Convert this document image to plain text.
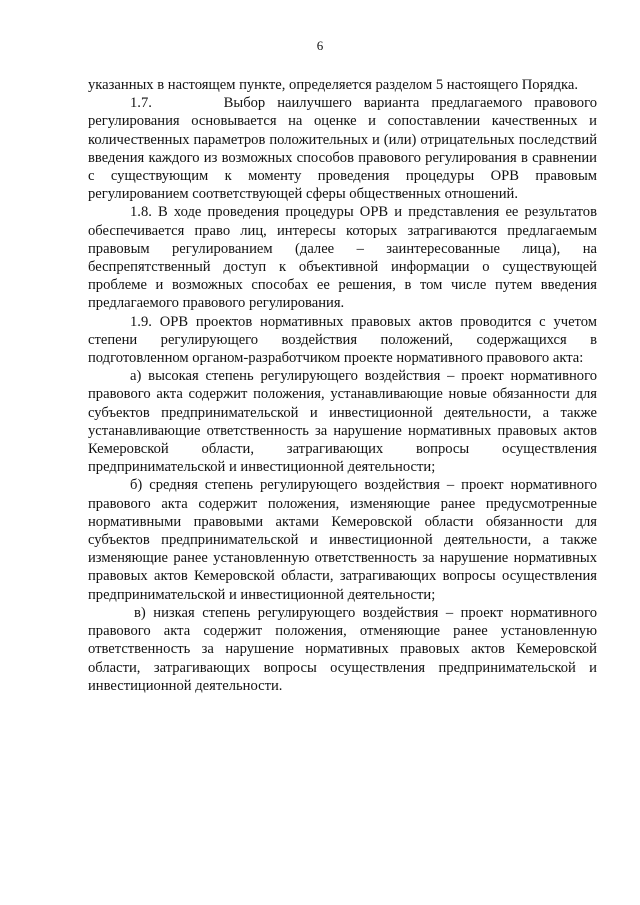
6

указанных в настоящем пункте, определяется разделом 5 настоящего Порядка.

1.7.      Выбор наилучшего варианта предлагаемого правового регулирования основывается на оценке и сопоставлении качественных и количественных параметров положительных и (или) отрицательных последствий введения каждого из возможных способов правового регулирования в сравнении с существующим к моменту проведения процедуры ОРВ правовым регулированием соответствующей сферы общественных отношений.

1.8. В ходе проведения процедуры ОРВ и представления ее результатов обеспечивается право лиц, интересы которых затрагиваются предлагаемым правовым регулированием (далее – заинтересованные лица), на беспрепятственный доступ к объективной информации о существующей проблеме и возможных способах ее решения, в том числе путем введения предлагаемого правового регулирования.

1.9. ОРВ проектов нормативных правовых актов проводится с учетом степени регулирующего воздействия положений, содержащихся в подготовленном органом-разработчиком проекте нормативного правового акта:

а) высокая степень регулирующего воздействия – проект нормативного правового акта содержит положения, устанавливающие новые обязанности для субъектов предпринимательской и инвестиционной деятельности, а также устанавливающие ответственность за нарушение нормативных правовых актов Кемеровской области, затрагивающих вопросы осуществления предпринимательской и инвестиционной деятельности;

б) средняя степень регулирующего воздействия – проект нормативного правового акта содержит положения, изменяющие ранее предусмотренные нормативными правовыми актами Кемеровской области обязанности для субъектов предпринимательской и инвестиционной деятельности, а также изменяющие ранее установленную ответственность за нарушение нормативных правовых актов Кемеровской области, затрагивающих вопросы осуществления предпринимательской и инвестиционной деятельности;

в) низкая степень регулирующего воздействия – проект нормативного правового акта содержит положения, отменяющие ранее установленную ответственность за нарушение нормативных правовых актов Кемеровской области, затрагивающих вопросы осуществления предпринимательской и инвестиционной деятельности.
